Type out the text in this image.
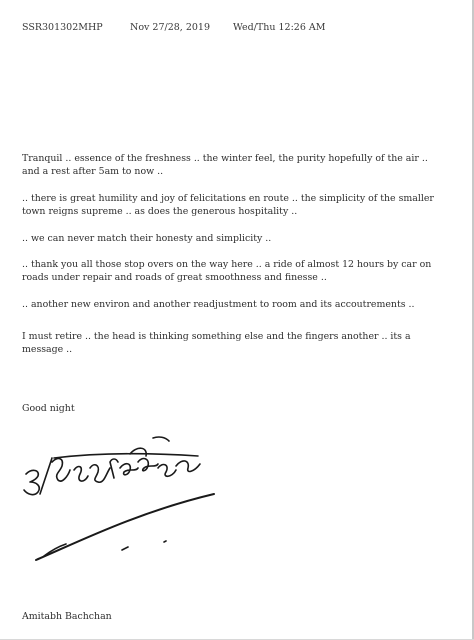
SSR301302MHP	Nov 27/28, 2019 Wed/Thu 12:26 AM

Tranquil .. essence of the freshness .. the winter feel, the purity hopefully of the air .. and a rest after 5am to now ..

.. there is great humility and joy of felicitations en route .. the simplicity of the smaller town reigns supreme .. as does the generous hospitality ..

.. we can never match their honesty and simplicity ..

.. thank you all those stop overs on the way here .. a ride of almost 12 hours by car on roads under repair and roads of great smoothness and finesse ..

.. another new environ and another readjustment to room and its accoutrements ..

I must retire .. the head is thinking something else and the fingers another .. its a message ..

Good night
Amitabh Bachchan
